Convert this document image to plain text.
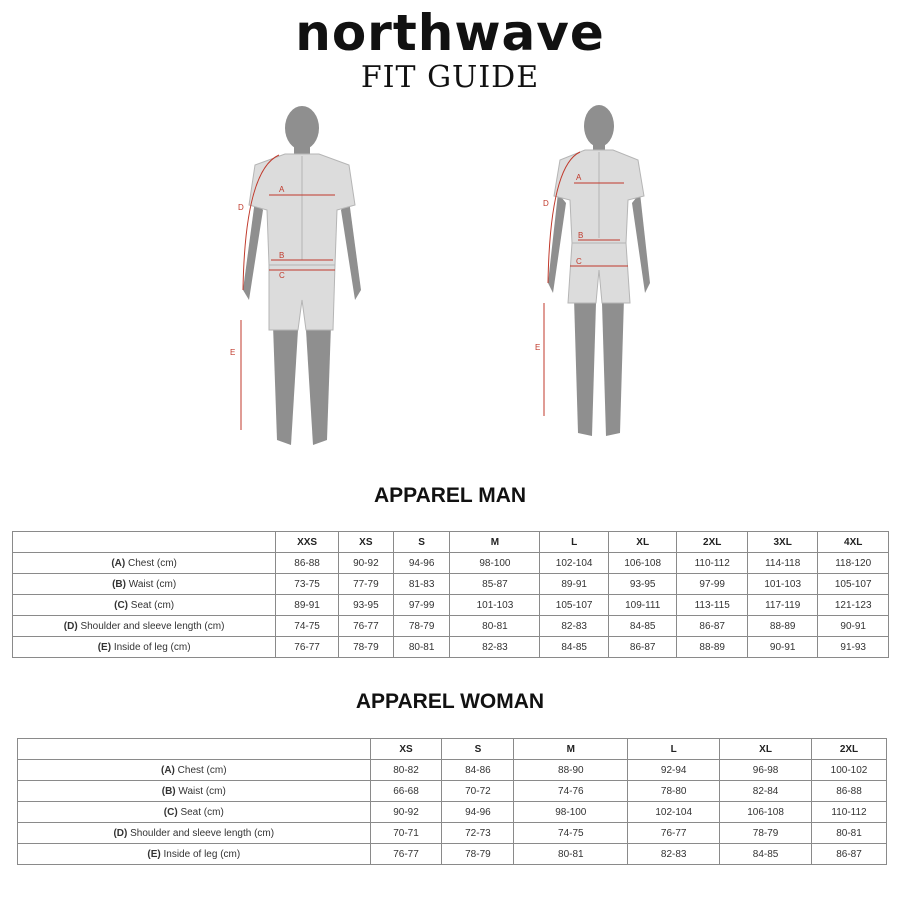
northwave
FIT GUIDE
A
B
C
D
E
A
B
C
D
E
APPAREL MAN
	XXS	XS	S	M	L	XL	2XL	3XL	4XL
(A) Chest (cm)	86-88	90-92	94-96	98-100	102-104	106-108	110-112	114-118	118-120
(B) Waist (cm)	73-75	77-79	81-83	85-87	89-91	93-95	97-99	101-103	105-107
(C) Seat (cm)	89-91	93-95	97-99	101-103	105-107	109-111	113-115	117-119	121-123
(D) Shoulder and sleeve length (cm)	74-75	76-77	78-79	80-81	82-83	84-85	86-87	88-89	90-91
(E) Inside of leg (cm)	76-77	78-79	80-81	82-83	84-85	86-87	88-89	90-91	91-93
APPAREL WOMAN
	XS	S	M	L	XL	2XL
(A) Chest (cm)	80-82	84-86	88-90	92-94	96-98	100-102
(B) Waist (cm)	66-68	70-72	74-76	78-80	82-84	86-88
(C) Seat (cm)	90-92	94-96	98-100	102-104	106-108	110-112
(D) Shoulder and sleeve length (cm)	70-71	72-73	74-75	76-77	78-79	80-81
(E) Inside of leg (cm)	76-77	78-79	80-81	82-83	84-85	86-87
